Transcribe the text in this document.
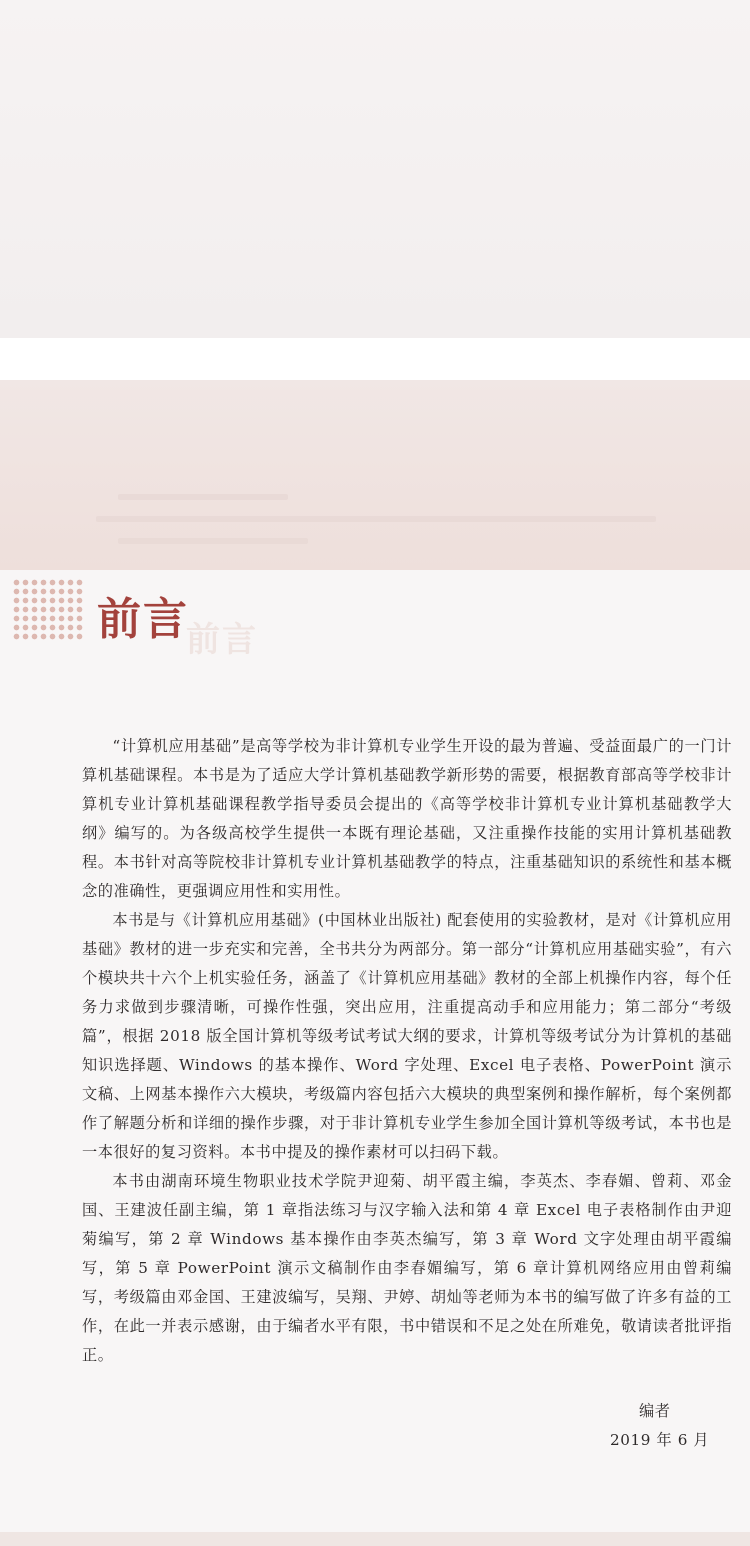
前言
前言

“计算机应用基础”是高等学校为非计算机专业学生开设的最为普遍、受益面最广的一门计算机基础课程。本书是为了适应大学计算机基础教学新形势的需要，根据教育部高等学校非计算机专业计算机基础课程教学指导委员会提出的《高等学校非计算机专业计算机基础教学大纲》编写的。为各级高校学生提供一本既有理论基础，又注重操作技能的实用计算机基础教程。本书针对高等院校非计算机专业计算机基础教学的特点，注重基础知识的系统性和基本概念的准确性，更强调应用性和实用性。

本书是与《计算机应用基础》(中国林业出版社) 配套使用的实验教材，是对《计算机应用基础》教材的进一步充实和完善，全书共分为两部分。第一部分“计算机应用基础实验”，有六个模块共十六个上机实验任务，涵盖了《计算机应用基础》教材的全部上机操作内容，每个任务力求做到步骤清晰，可操作性强，突出应用，注重提高动手和应用能力；第二部分“考级篇”，根据 2018 版全国计算机等级考试考试大纲的要求，计算机等级考试分为计算机的基础知识选择题、Windows 的基本操作、Word 字处理、Excel 电子表格、PowerPoint 演示文稿、上网基本操作六大模块，考级篇内容包括六大模块的典型案例和操作解析，每个案例都作了解题分析和详细的操作步骤，对于非计算机专业学生参加全国计算机等级考试，本书也是一本很好的复习资料。本书中提及的操作素材可以扫码下载。

本书由湖南环境生物职业技术学院尹迎菊、胡平霞主编，李英杰、李春媚、曾莉、邓金国、王建波任副主编，第 1 章指法练习与汉字输入法和第 4 章 Excel 电子表格制作由尹迎菊编写，第 2 章 Windows 基本操作由李英杰编写，第 3 章 Word 文字处理由胡平霞编写，第 5 章 PowerPoint 演示文稿制作由李春媚编写，第 6 章计算机网络应用由曾莉编写，考级篇由邓金国、王建波编写，吴翔、尹婷、胡灿等老师为本书的编写做了许多有益的工作，在此一并表示感谢，由于编者水平有限，书中错误和不足之处在所难免，敬请读者批评指正。

编者
2019 年 6 月
